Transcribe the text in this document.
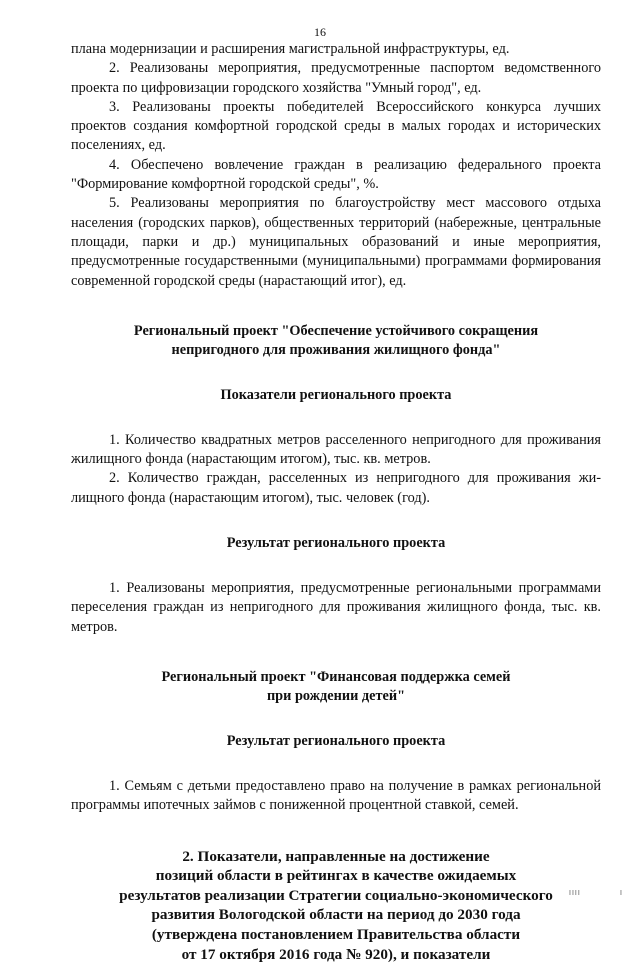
16

плана модернизации и расширения магистральной инфраструктуры, ед.

2. Реализованы мероприятия, предусмотренные паспортом ведомственного проекта по цифровизации городского хозяйства "Умный город", ед.

3. Реализованы проекты победителей Всероссийского конкурса лучших проектов создания комфортной городской среды в малых городах и исторических поселениях, ед.

4. Обеспечено вовлечение граждан в реализацию федерального проекта "Формирование комфортной городской среды", %.

5. Реализованы мероприятия по благоустройству мест массового отдыха населения (городских парков), общественных территорий (набережные, центральные площади, парки и др.) муниципальных образований и иные мероприятия, предусмотренные государственными (муниципальными) программами формирования современной городской среды (нарастающий итог), ед.

Региональный проект "Обеспечение устойчивого сокращения
непригодного для проживания жилищного фонда"
Показатели регионального проекта

1. Количество квадратных метров расселенного непригодного для проживания жилищного фонда (нарастающим итогом), тыс. кв. метров.

2. Количество граждан, расселенных из непригодного для проживания жилищного фонда (нарастающим итогом), тыс. человек (год).

Результат регионального проекта

1. Реализованы мероприятия, предусмотренные региональными программами переселения граждан из непригодного для проживания жилищного фонда, тыс. кв. метров.

Региональный проект "Финансовая поддержка семей
при рождении детей"
Результат регионального проекта

1. Семьям с детьми предоставлено право на получение в рамках региональной программы ипотечных займов с пониженной процентной ставкой, семей.

2. Показатели, направленные на достижение
позиций области в рейтингах в качестве ожидаемых
результатов реализации Стратегии социально-экономического
развития Вологодской области на период до 2030 года
(утверждена постановлением Правительства области
от 17 октября 2016 года № 920), и показатели
IIII	I
